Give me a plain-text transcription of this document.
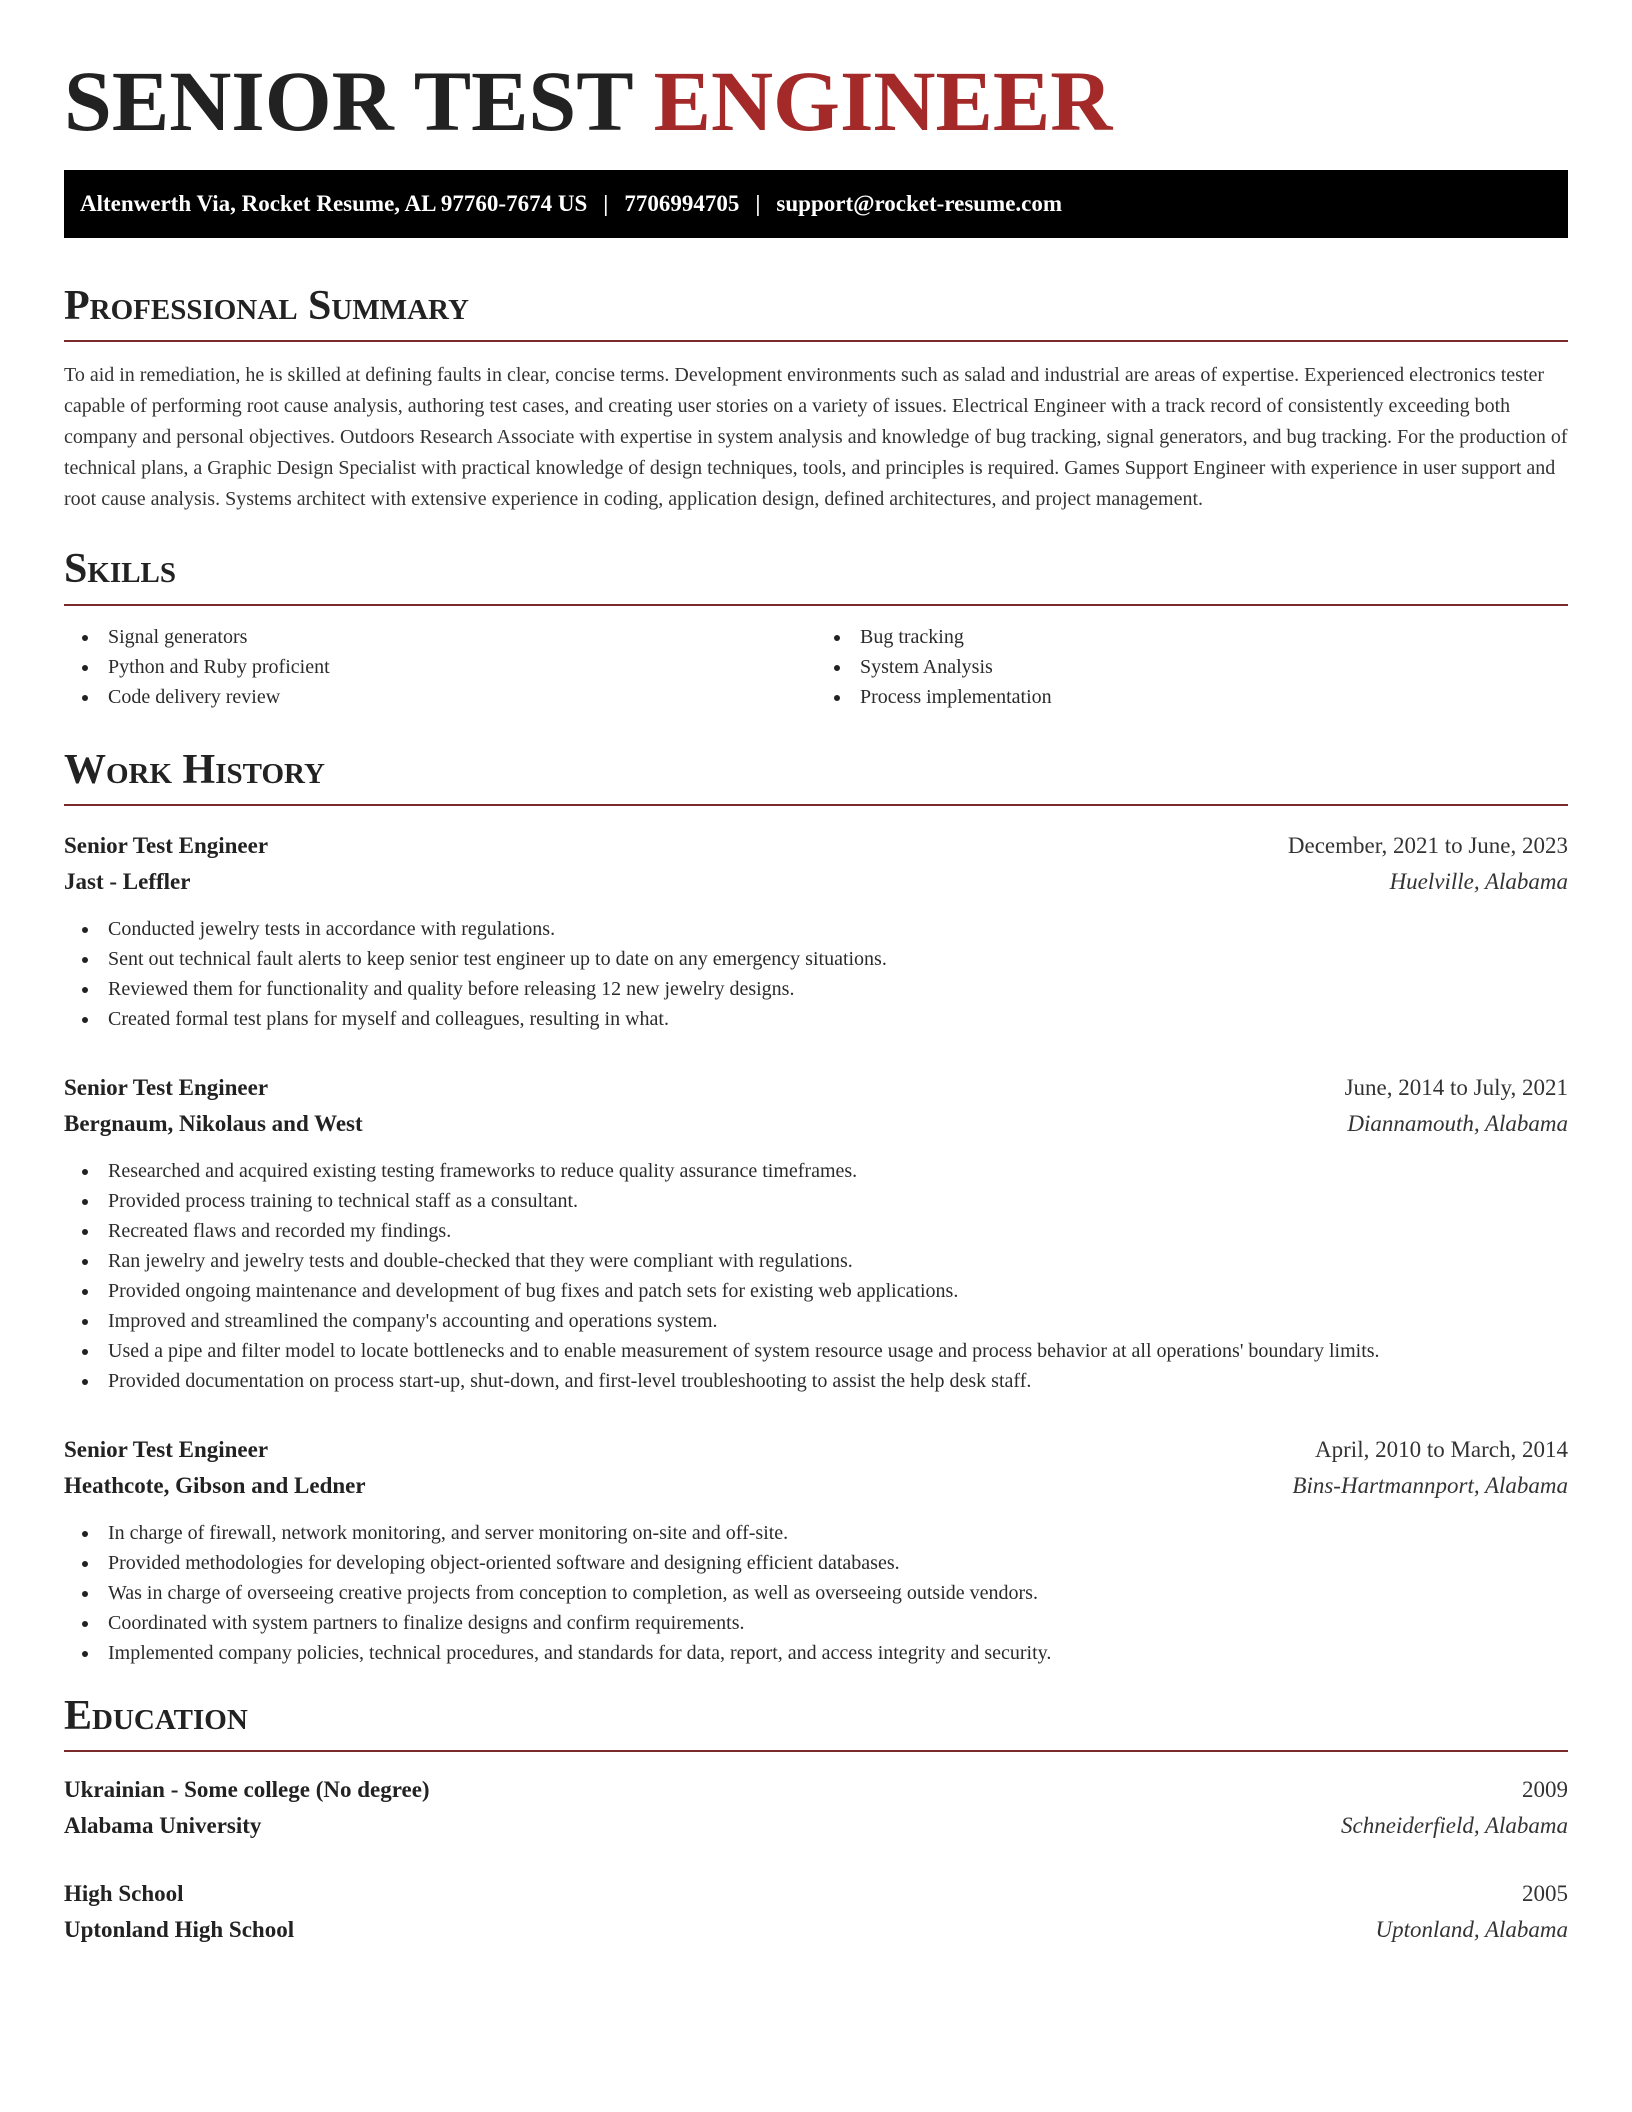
SENIOR TEST ENGINEER
Altenwerth Via, Rocket Resume, AL 97760-7674 US | 7706994705 | support@rocket-resume.com
Professional Summary

To aid in remediation, he is skilled at defining faults in clear, concise terms. Development environments such as salad and industrial are areas of expertise. Experienced electronics tester capable of performing root cause analysis, authoring test cases, and creating user stories on a variety of issues. Electrical Engineer with a track record of consistently exceeding both company and personal objectives. Outdoors Research Associate with expertise in system analysis and knowledge of bug tracking, signal generators, and bug tracking. For the production of technical plans, a Graphic Design Specialist with practical knowledge of design techniques, tools, and principles is required. Games Support Engineer with experience in user support and root cause analysis. Systems architect with extensive experience in coding, application design, defined architectures, and project management.

Skills
Signal generators
Python and Ruby proficient
Code delivery review
Bug tracking
System Analysis
Process implementation
Work History
Senior Test Engineer	December, 2021 to June, 2023
Jast - Leffler	Huelville, Alabama
Conducted jewelry tests in accordance with regulations.
Sent out technical fault alerts to keep senior test engineer up to date on any emergency situations.
Reviewed them for functionality and quality before releasing 12 new jewelry designs.
Created formal test plans for myself and colleagues, resulting in what.
Senior Test Engineer	June, 2014 to July, 2021
Bergnaum, Nikolaus and West	Diannamouth, Alabama
Researched and acquired existing testing frameworks to reduce quality assurance timeframes.
Provided process training to technical staff as a consultant.
Recreated flaws and recorded my findings.
Ran jewelry and jewelry tests and double-checked that they were compliant with regulations.
Provided ongoing maintenance and development of bug fixes and patch sets for existing web applications.
Improved and streamlined the company's accounting and operations system.
Used a pipe and filter model to locate bottlenecks and to enable measurement of system resource usage and process behavior at all operations' boundary limits.
Provided documentation on process start-up, shut-down, and first-level troubleshooting to assist the help desk staff.
Senior Test Engineer	April, 2010 to March, 2014
Heathcote, Gibson and Ledner	Bins-Hartmannport, Alabama
In charge of firewall, network monitoring, and server monitoring on-site and off-site.
Provided methodologies for developing object-oriented software and designing efficient databases.
Was in charge of overseeing creative projects from conception to completion, as well as overseeing outside vendors.
Coordinated with system partners to finalize designs and confirm requirements.
Implemented company policies, technical procedures, and standards for data, report, and access integrity and security.
Education
Ukrainian - Some college (No degree)	2009
Alabama University	Schneiderfield, Alabama
High School	2005
Uptonland High School	Uptonland, Alabama
